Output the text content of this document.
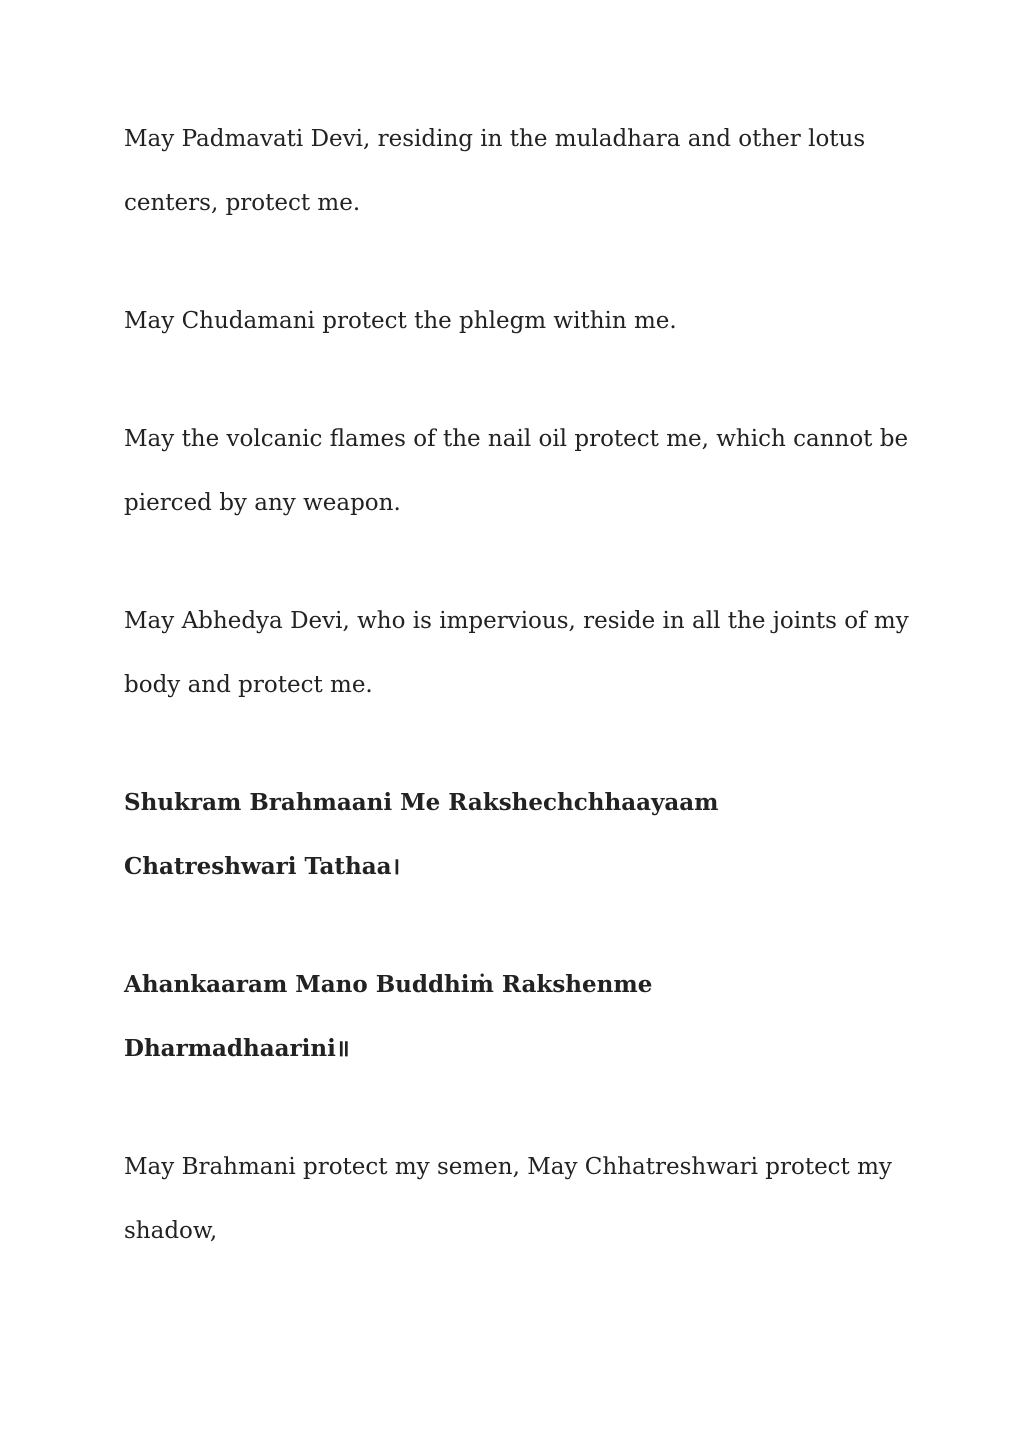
May Padmavati Devi, residing in the muladhara and other lotus
centers, protect me.

May Chudamani protect the phlegm within me.

May the volcanic flames of the nail oil protect me, which cannot be
pierced by any weapon.

May Abhedya Devi, who is impervious, reside in all the joints of my
body and protect me.

Shukram Brahmaani Me Rakshechchhaayaam
Chatreshwari Tathaa।

Ahankaaram Mano Buddhiṁ Rakshenme
Dharmadhaarini॥

May Brahmani protect my semen, May Chhatreshwari protect my
shadow,
